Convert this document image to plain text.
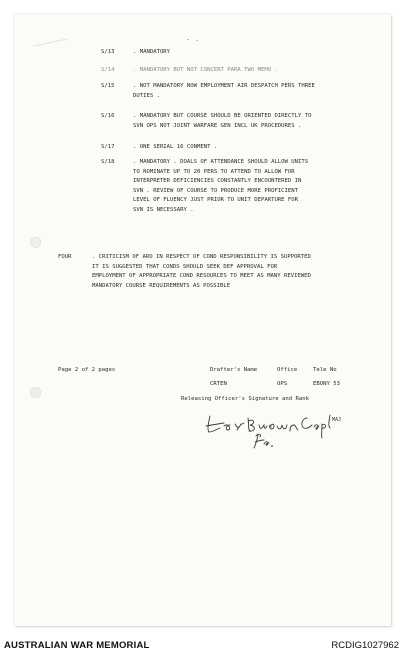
- .
S/13	. MANDATORY
S/14	. MANDATORY BUT NOT CONCERT PARA TWO MEMO .
S/15	. NOT MANDATORY NOW EMPLOYMENT AIR DESPATCH PERS THREE
DUTIES .
S/16	. MANDATORY BUT COURSE SHOULD BE ORIENTED DIRECTLY TO
SVN OPS NOT JOINT WARFARE GEN INCL UK PROCEDURES .
S/17	. ONE SERIAL 16 CONMENT .
S/18	. MANDATORY . DOALS OF ATTENDANCE SHOULD ALLOW UNITS
TO NOMINATE UP TO 20 PERS TO ATTEND TO ALLOW FOR
INTERPRETER DEFICIENCIES CONSTANTLY ENCOUNTERED IN
SVN . REVIEW OF COURSE TO PRODUCE MORE PROFICIENT
LEVEL OF FLUENCY JUST PRIOR TO UNIT DEPARTURE FOR
SVN IS NECESSARY .
FOUR	. CRITICISM OF ARO IN RESPECT OF COND RESPONSIBILITY IS SUPPORTED
IT IS SUGGESTED THAT CONDS SHOULD SEEK DEF APPROVAL FOR
EMPLOYMENT OF APPROPRIATE COND RESOURCES TO MEET AS MANY REVIEWED
MANDATORY COURSE REQUIREMENTS AS POSSIBLE
Page 2 of 2 pages	Drafter's Name	Office	Tele No
CRTEN	OPS	EBONY 53
Releasing Officer's Signature and Rank
MAJ
AUSTRALIAN WAR MEMORIAL	RCDIG1027962
